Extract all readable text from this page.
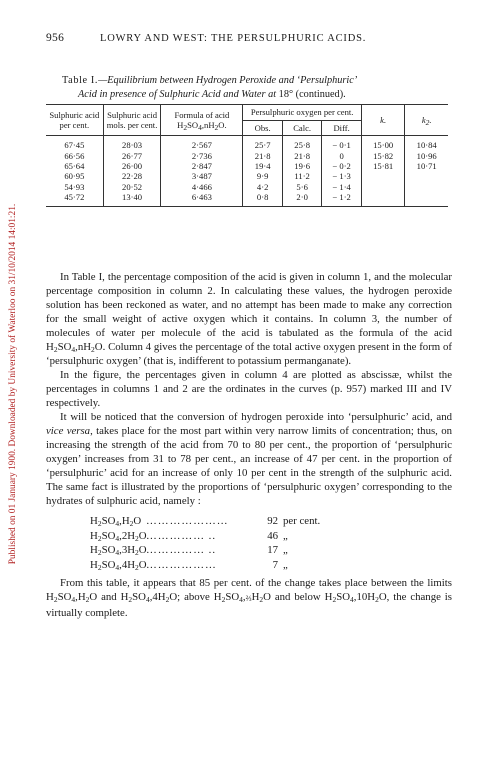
Published on 01 January 1900. Downloaded by University of Waterloo on 31/10/2014 14:01:21.
956	LOWRY AND WEST: THE PERSULPHURIC ACIDS.
Table I.—Equilibrium between Hydrogen Peroxide and ‘Persulphuric’
Acid in presence of Sulphuric Acid and Water at 18° (continued).
Sulphuric acid per cent.	Sulphuric acid mols. per cent.	Formula of acid
$H_2SO_4,nH_2O$.	Persulphuric oxygen per cent.			k.	$k_2$.
			Obs.	Calc.	Diff.		
67·45	28·03	2·567	25·7	25·8	− 0·1	15·00	10·84
66·56	26·77	2·736	21·8	21·8	0	15·82	10·96
65·64	26·00	2·847	19·4	19·6	− 0·2	15·81	10·71
60·95	22·28	3·487	9·9	11·2	− 1·3		
54·93	20·52	4·466	4·2	5·6	− 1·4		
45·72	13·40	6·463	0·8	2·0	− 1·2		

In Table I, the percentage composition of the acid is given in column 1, and the molecular percentage composition in column 2. In calculating these values, the hydrogen peroxide solution has been reckoned as water, and no attempt has been made to make any correction for the small weight of active oxygen which it contains. In column 3, the number of molecules of water per molecule of the acid is tabulated as the formula of the acid $H_2SO_4,nH_2O$. Column 4 gives the percentage of the total active oxygen present in the form of ‘persulphuric oxygen’ (that is, indifferent to potassium permanganate).

In the figure, the percentages given in column 4 are plotted as abscissæ, whilst the percentages in columns 1 and 2 are the ordinates in the curves (p. 957) marked III and IV respectively.

It will be noticed that the conversion of hydrogen peroxide into ‘persulphuric’ acid, and vice versa, takes place for the most part within very narrow limits of concentration; thus, on increasing the strength of the acid from 70 to 80 per cent., the proportion of ‘persulphuric oxygen’ increases from 31 to 78 per cent., an increase of 47 per cent. in the proportion of ‘persulphuric’ acid for an increase of only 10 per cent in the strength of the sulphuric acid. The same fact is illustrated by the proportions of ‘persulphuric oxygen’ corresponding to the hydrates of sulphuric acid, namely :

$H_2SO_4,H_2O$ …………………	92 per cent.
$H_2SO_4,2H_2O$ …………… ..	46 „
$H_2SO_4,3H_2O$ …………… ..	17 „
$H_2SO_4,4H_2O$ ………………	7 „

From this table, it appears that 85 per cent. of the change takes place between the limits $H_2SO_4,H_2O$ and $H_2SO_4,4H_2O$; above $H_2SO_4,\frac{2}{3}H_2O$ and below $H_2SO_4,10H_2O$, the change is virtually complete.
